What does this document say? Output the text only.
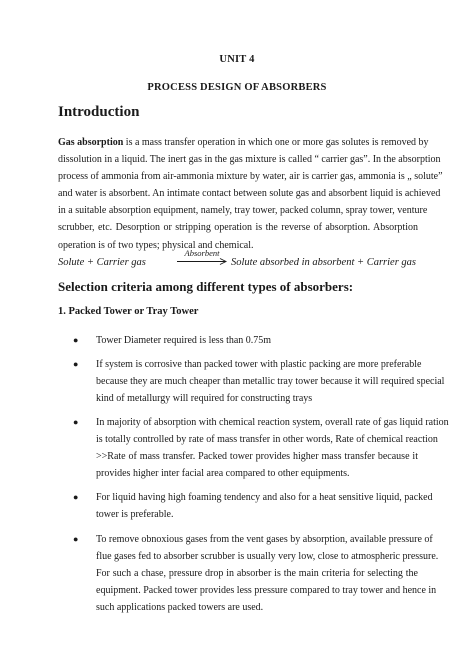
UNIT 4
PROCESS DESIGN OF ABSORBERS
Introduction
Gas absorption is a mass transfer operation in which one or more gas solutes is removed by
dissolution in a liquid. The inert gas in the gas mixture is called “ carrier gas”. In the absorption
process of ammonia from air-ammonia mixture by water, air is carrier gas, ammonia is „ solute”
and water is absorbent. An intimate contact between solute gas and absorbent liquid is achieved
in a suitable absorption equipment, namely, tray tower, packed column, spray tower, venture
scrubber, etc. Desorption or stripping operation is the reverse of absorption. Absorption
operation is of two types; physical and chemical.
Solute + Carrier gas
Absorbent
Solute absorbed in absorbent + Carrier gas
Selection criteria among different types of absorbers:
1. Packed Tower or Tray Tower
● Tower Diameter required is less than 0.75m
● If system is corrosive than packed tower with plastic packing are more preferable
because they are much cheaper than metallic tray tower because it will required special
kind of metallurgy will required for constructing trays
● In majority of absorption with chemical reaction system, overall rate of gas liquid ration
is totally controlled by rate of mass transfer in other words, Rate of chemical reaction
>>Rate of mass transfer. Packed tower provides higher mass transfer because it
provides higher inter facial area compared to other equipments.
● For liquid having high foaming tendency and also for a heat sensitive liquid, packed
tower is preferable.
● To remove obnoxious gases from the vent gases by absorption, available pressure of
flue gases fed to absorber scrubber is usually very low, close to atmospheric pressure.
For such a chase, pressure drop in absorber is the main criteria for selecting the
equipment. Packed tower provides less pressure compared to tray tower and hence in
such applications packed towers are used.
